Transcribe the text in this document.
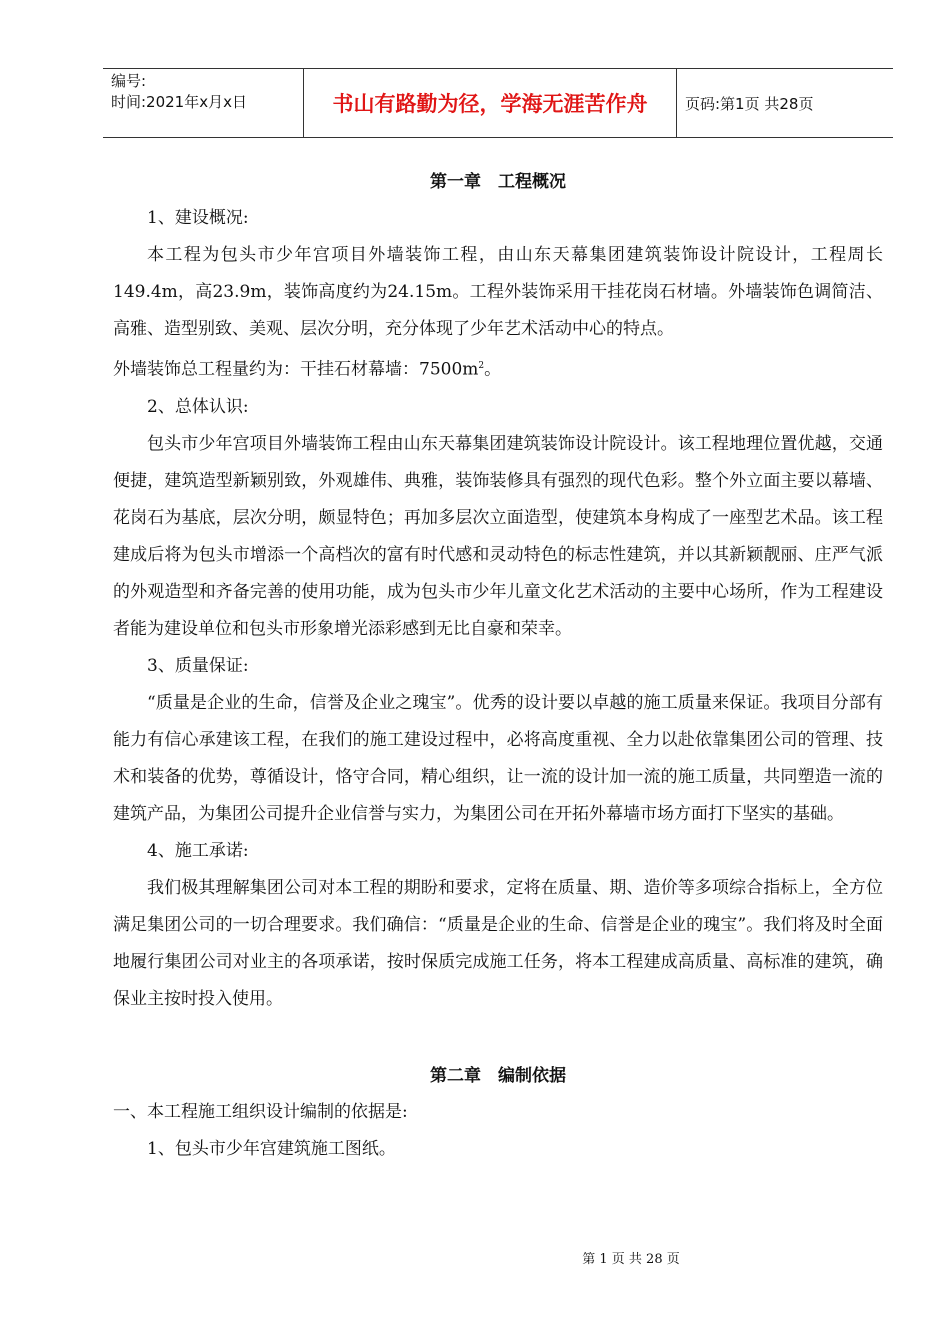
编号:
时间:2021年x月x日	书山有路勤为径，学海无涯苦作舟	页码:第1页 共28页
第一章　工程概况

1、建设概况:

本工程为包头市少年宫项目外墙装饰工程，由山东天幕集团建筑装饰设计院设计，工程周长149.4m，高23.9m，装饰高度约为24.15m。工程外装饰采用干挂花岗石材墙。外墙装饰色调简洁、高雅、造型别致、美观、层次分明，充分体现了少年艺术活动中心的特点。

外墙装饰总工程量约为：干挂石材幕墙：$7500m^2$。

2、总体认识:

包头市少年宫项目外墙装饰工程由山东天幕集团建筑装饰设计院设计。该工程地理位置优越，交通便捷，建筑造型新颖别致，外观雄伟、典雅，装饰装修具有强烈的现代色彩。整个外立面主要以幕墙、花岗石为基底，层次分明，颇显特色；再加多层次立面造型，使建筑本身构成了一座型艺术品。该工程建成后将为包头市增添一个高档次的富有时代感和灵动特色的标志性建筑，并以其新颖靓丽、庄严气派的外观造型和齐备完善的使用功能，成为包头市少年儿童文化艺术活动的主要中心场所，作为工程建设者能为建设单位和包头市形象增光添彩感到无比自豪和荣幸。

3、质量保证:

“质量是企业的生命，信誉及企业之瑰宝”。优秀的设计要以卓越的施工质量来保证。我项目分部有能力有信心承建该工程，在我们的施工建设过程中，必将高度重视、全力以赴依靠集团公司的管理、技术和装备的优势，尊循设计，恪守合同，精心组织，让一流的设计加一流的施工质量，共同塑造一流的建筑产品，为集团公司提升企业信誉与实力，为集团公司在开拓外幕墙市场方面打下坚实的基础。

4、施工承诺:

我们极其理解集团公司对本工程的期盼和要求，定将在质量、期、造价等多项综合指标上，全方位满足集团公司的一切合理要求。我们确信：“质量是企业的生命、信誉是企业的瑰宝”。我们将及时全面地履行集团公司对业主的各项承诺，按时保质完成施工任务，将本工程建成高质量、高标准的建筑，确保业主按时投入使用。

第二章　编制依据

一、本工程施工组织设计编制的依据是:

1、包头市少年宫建筑施工图纸。

第 1 页 共 28 页
